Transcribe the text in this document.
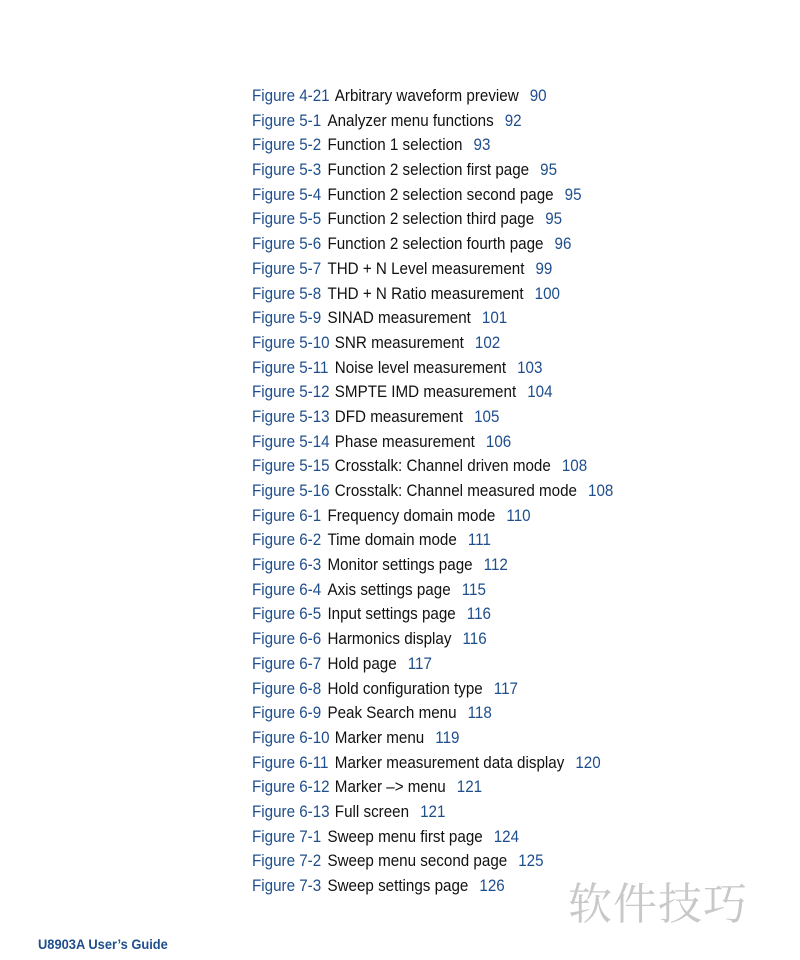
Figure 4-21 Arbitrary waveform preview 90
Figure 5-1 Analyzer menu functions 92
Figure 5-2 Function 1 selection 93
Figure 5-3 Function 2 selection first page 95
Figure 5-4 Function 2 selection second page 95
Figure 5-5 Function 2 selection third page 95
Figure 5-6 Function 2 selection fourth page 96
Figure 5-7 THD + N Level measurement 99
Figure 5-8 THD + N Ratio measurement 100
Figure 5-9 SINAD measurement 101
Figure 5-10 SNR measurement 102
Figure 5-11 Noise level measurement 103
Figure 5-12 SMPTE IMD measurement 104
Figure 5-13 DFD measurement 105
Figure 5-14 Phase measurement 106
Figure 5-15 Crosstalk: Channel driven mode 108
Figure 5-16 Crosstalk: Channel measured mode 108
Figure 6-1 Frequency domain mode 110
Figure 6-2 Time domain mode 111
Figure 6-3 Monitor settings page 112
Figure 6-4 Axis settings page 115
Figure 6-5 Input settings page 116
Figure 6-6 Harmonics display 116
Figure 6-7 Hold page 117
Figure 6-8 Hold configuration type 117
Figure 6-9 Peak Search menu 118
Figure 6-10 Marker menu 119
Figure 6-11 Marker measurement data display 120
Figure 6-12 Marker –> menu 121
Figure 6-13 Full screen 121
Figure 7-1 Sweep menu first page 124
Figure 7-2 Sweep menu second page 125
Figure 7-3 Sweep settings page 126
U8903A User’s Guide
软件技巧
